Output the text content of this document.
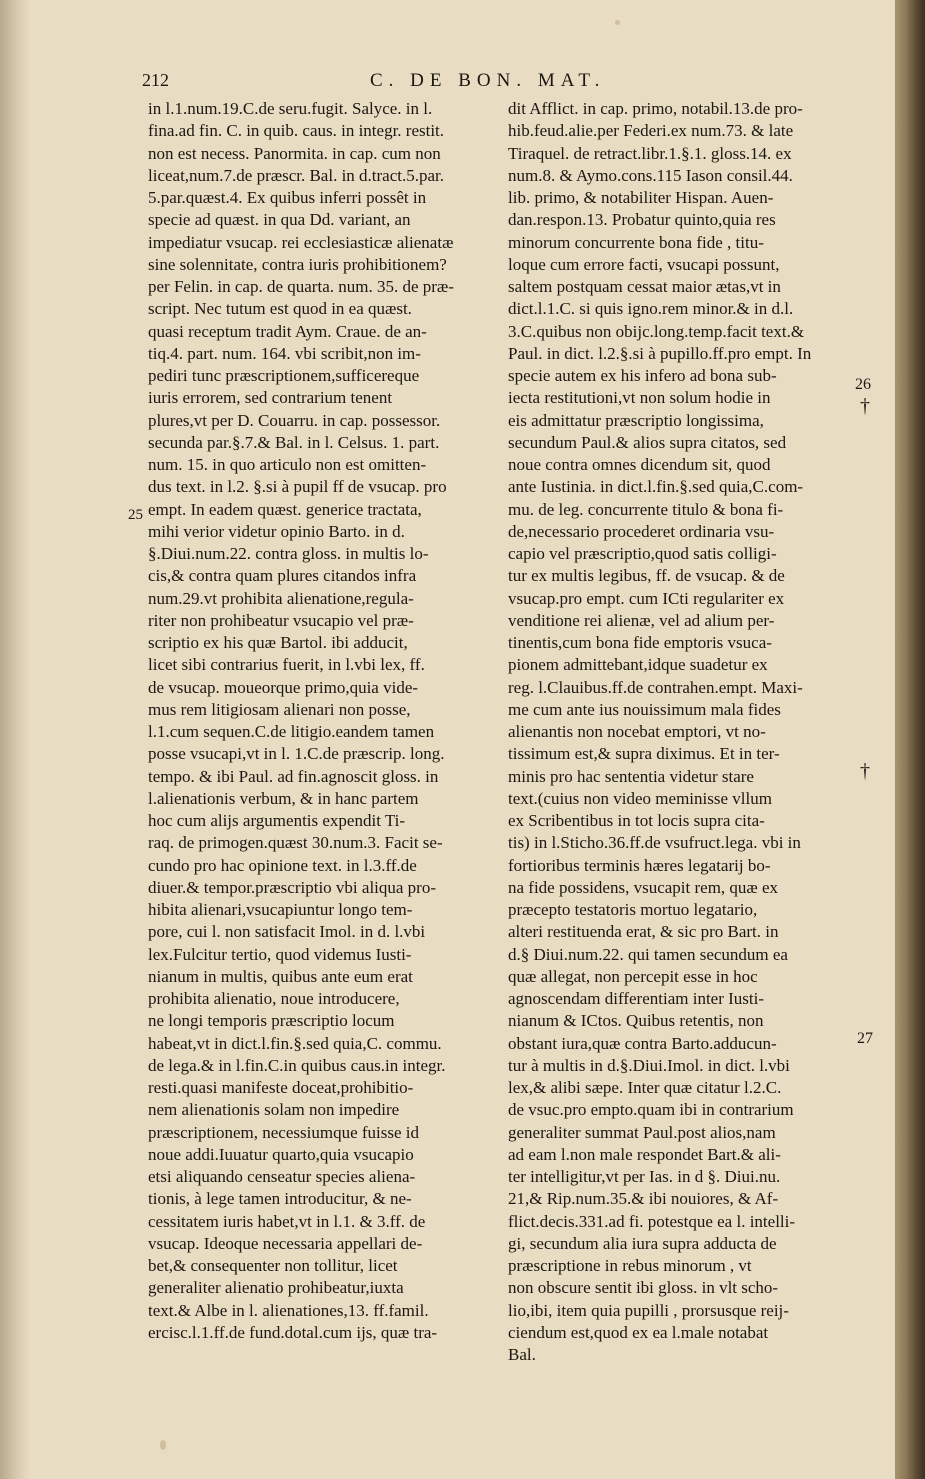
212	C. DE BON. MAT.
in l.1.num.19.C.de seru.fugit. Salyce. in l.
fina.ad fin. C. in quib. caus. in integr. restit.
non est necess. Panormita. in cap. cum non
liceat,num.7.de præscr. Bal. in d.tract.5.par.
5.par.quæst.4. Ex quibus inferri possêt in
specie ad quæst. in qua Dd. variant, an
impediatur vsucap. rei ecclesiasticæ alienatæ
sine solennitate, contra iuris prohibitionem?
per Felin. in cap. de quarta. num. 35. de præ-
script. Nec tutum est quod in ea quæst.
quasi receptum tradit Aym. Craue. de an-
tiq.4. part. num. 164. vbi scribit,non im-
pediri tunc præscriptionem,sufficereque
iuris errorem, sed contrarium tenent
plures,vt per D. Couarru. in cap. possessor.
secunda par.§.7.& Bal. in l. Celsus. 1. part.
num. 15. in quo articulo non est omitten-
dus text. in l.2. §.si à pupil ff de vsucap. pro
empt. In eadem quæst. generice tractata,
mihi verior videtur opinio Barto. in d.
§.Diui.num.22. contra gloss. in multis lo-
cis,& contra quam plures citandos infra
num.29.vt prohibita alienatione,regula-
riter non prohibeatur vsucapio vel præ-
scriptio ex his quæ Bartol. ibi adducit,
licet sibi contrarius fuerit, in l.vbi lex, ff.
de vsucap. moueorque primo,quia vide-
mus rem litigiosam alienari non posse,
l.1.cum sequen.C.de litigio.eandem tamen
posse vsucapi,vt in l. 1.C.de præscrip. long.
tempo. & ibi Paul. ad fin.agnoscit gloss. in
l.alienationis verbum, & in hanc partem
hoc cum alijs argumentis expendit Ti-
raq. de primogen.quæst 30.num.3. Facit se-
cundo pro hac opinione text. in l.3.ff.de
diuer.& tempor.præscriptio vbi aliqua pro-
hibita alienari,vsucapiuntur longo tem-
pore, cui l. non satisfacit Imol. in d. l.vbi
lex.Fulcitur tertio, quod videmus Iusti-
nianum in multis, quibus ante eum erat
prohibita alienatio, noue introducere,
ne longi temporis præscriptio locum
habeat,vt in dict.l.fin.§.sed quia,C. commu.
de lega.& in l.fin.C.in quibus caus.in integr.
resti.quasi manifeste doceat,prohibitio-
nem alienationis solam non impedire
præscriptionem, necessiumque fuisse id
noue addi.Iuuatur quarto,quia vsucapio
etsi aliquando censeatur species aliena-
tionis, à lege tamen introducitur, & ne-
cessitatem iuris habet,vt in l.1. & 3.ff. de
vsucap. Ideoque necessaria appellari de-
bet,& consequenter non tollitur, licet
generaliter alienatio prohibeatur,iuxta
text.& Albe in l. alienationes,13. ff.famil.
ercisc.l.1.ff.de fund.dotal.cum ijs, quæ tra-
dit Afflict. in cap. primo, notabil.13.de pro-
hib.feud.alie.per Federi.ex num.73. & late
Tiraquel. de retract.libr.1.§.1. gloss.14. ex
num.8. & Aymo.cons.115 Iason consil.44.
lib. primo, & notabiliter Hispan. Auen-
dan.respon.13. Probatur quinto,quia res
minorum concurrente bona fide , titu-
loque cum errore facti, vsucapi possunt,
saltem postquam cessat maior ætas,vt in
dict.l.1.C. si quis igno.rem minor.& in d.l.
3.C.quibus non obijc.long.temp.facit text.&
Paul. in dict. l.2.§.si à pupillo.ff.pro empt. In
specie autem ex his infero ad bona sub-
iecta restitutioni,vt non solum hodie in
eis admittatur præscriptio longissima,
secundum Paul.& alios supra citatos, sed
noue contra omnes dicendum sit, quod
ante Iustinia. in dict.l.fin.§.sed quia,C.com-
mu. de leg. concurrente titulo & bona fi-
de,necessario procederet ordinaria vsu-
capio vel præscriptio,quod satis colligi-
tur ex multis legibus, ff. de vsucap. & de
vsucap.pro empt. cum ICti regulariter ex
venditione rei alienæ, vel ad alium per-
tinentis,cum bona fide emptoris vsuca-
pionem admittebant,idque suadetur ex
reg. l.Clauibus.ff.de contrahen.empt. Maxi-
me cum ante ius nouissimum mala fides
alienantis non nocebat emptori, vt no-
tissimum est,& supra diximus. Et in ter-
minis pro hac sententia videtur stare
text.(cuius non video meminisse vllum
ex Scribentibus in tot locis supra cita-
tis) in l.Sticho.36.ff.de vsufruct.lega. vbi in
fortioribus terminis hæres legatarij bo-
na fide possidens, vsucapit rem, quæ ex
præcepto testatoris mortuo legatario,
alteri restituenda erat, & sic pro Bart. in
d.§ Diui.num.22. qui tamen secundum ea
quæ allegat, non percepit esse in hoc
agnoscendam differentiam inter Iusti-
nianum & ICtos. Quibus retentis, non
obstant iura,quæ contra Barto.adducun-
tur à multis in d.§.Diui.Imol. in dict. l.vbi
lex,& alibi sæpe. Inter quæ citatur l.2.C.
de vsuc.pro empto.quam ibi in contrarium
generaliter summat Paul.post alios,nam
ad eam l.non male respondet Bart.& ali-
ter intelligitur,vt per Ias. in d §. Diui.nu.
21,& Rip.num.35.& ibi nouiores, & Af-
flict.decis.331.ad fi. potestque ea l. intelli-
gi, secundum alia iura supra adducta de
præscriptione in rebus minorum , vt
non obscure sentit ibi gloss. in vlt scho-
lio,ibi, item quia pupilli , prorsusque reij-
ciendum est,quod ex ea l.male notabat
Bal.
25
26
27
†
†
